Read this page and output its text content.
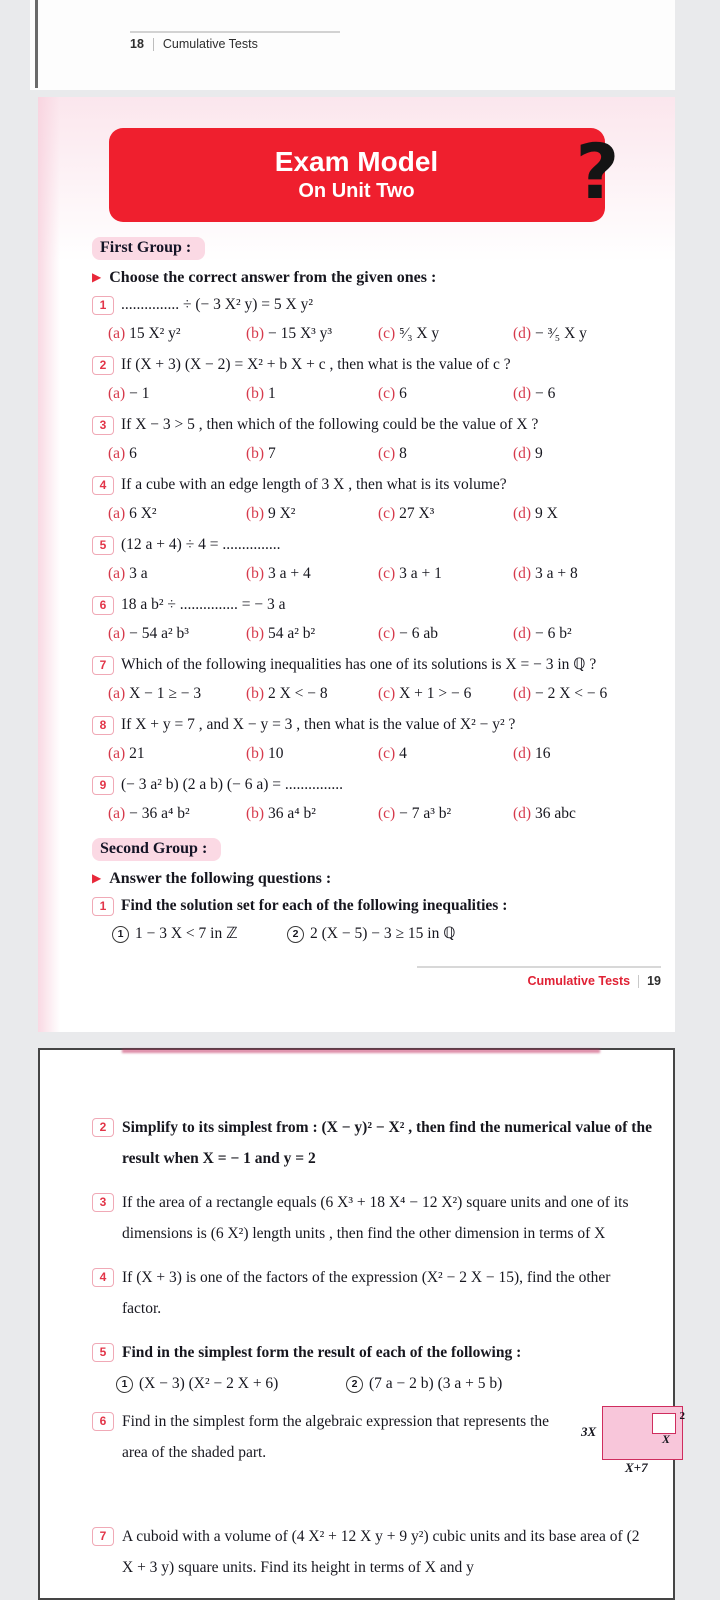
18 Cumulative Tests
Exam Model
On Unit Two ?
First Group :
▶ Choose the correct answer from the given ones :
1 ............... ÷ (− 3 X² y) = 5 X y²
(a) 15 X² y²	(b) − 15 X³ y³	(c) ⁵⁄₃ X y	(d) − ³⁄₅ X y
2 If (X + 3) (X − 2) = X² + b X + c , then what is the value of c ?
(a) − 1	(b) 1	(c) 6	(d) − 6
3 If X − 3 > 5 , then which of the following could be the value of X ?
(a) 6	(b) 7	(c) 8	(d) 9
4 If a cube with an edge length of 3 X , then what is its volume?
(a) 6 X²	(b) 9 X²	(c) 27 X³	(d) 9 X
5 (12 a + 4) ÷ 4 = ...............
(a) 3 a	(b) 3 a + 4	(c) 3 a + 1	(d) 3 a + 8
6 18 a b² ÷ ............... = − 3 a
(a) − 54 a² b³	(b) 54 a² b²	(c) − 6 ab	(d) − 6 b²
7 Which of the following inequalities has one of its solutions is X = − 3 in ℚ ?
(a) X − 1 ≥ − 3	(b) 2 X < − 8	(c) X + 1 > − 6	(d) − 2 X < − 6
8 If X + y = 7 , and X − y = 3 , then what is the value of X² − y² ?
(a) 21	(b) 10	(c) 4	(d) 16
9 (− 3 a² b) (2 a b) (− 6 a) = ...............
(a) − 36 a⁴ b²	(b) 36 a⁴ b²	(c) − 7 a³ b²	(d) 36 abc
Second Group :
▶ Answer the following questions :
1 Find the solution set for each of the following inequalities :
1 1 − 3 X < 7 in ℤ	2 2 (X − 5) − 3 ≥ 15 in ℚ
Cumulative Tests 19
2	Simplify to its simplest from : (X − y)² − X² , then find the numerical value of the result when X = − 1 and y = 2
3	If the area of a rectangle equals (6 X³ + 18 X⁴ − 12 X²) square units and one of its dimensions is (6 X²) length units , then find the other dimension in terms of X
4	If (X + 3) is one of the factors of the expression (X² − 2 X − 15), find the other factor.
5	Find in the simplest form the result of each of the following :
1 (X − 3) (X² − 2 X + 6)	2 (7 a − 2 b) (3 a + 5 b)
6	Find in the simplest form the algebraic expression that represents the area of the shaded part.
2
X
3X
X+7
7	A cuboid with a volume of (4 X² + 12 X y + 9 y²) cubic units and its base area of (2 X + 3 y) square units. Find its height in terms of X and y
